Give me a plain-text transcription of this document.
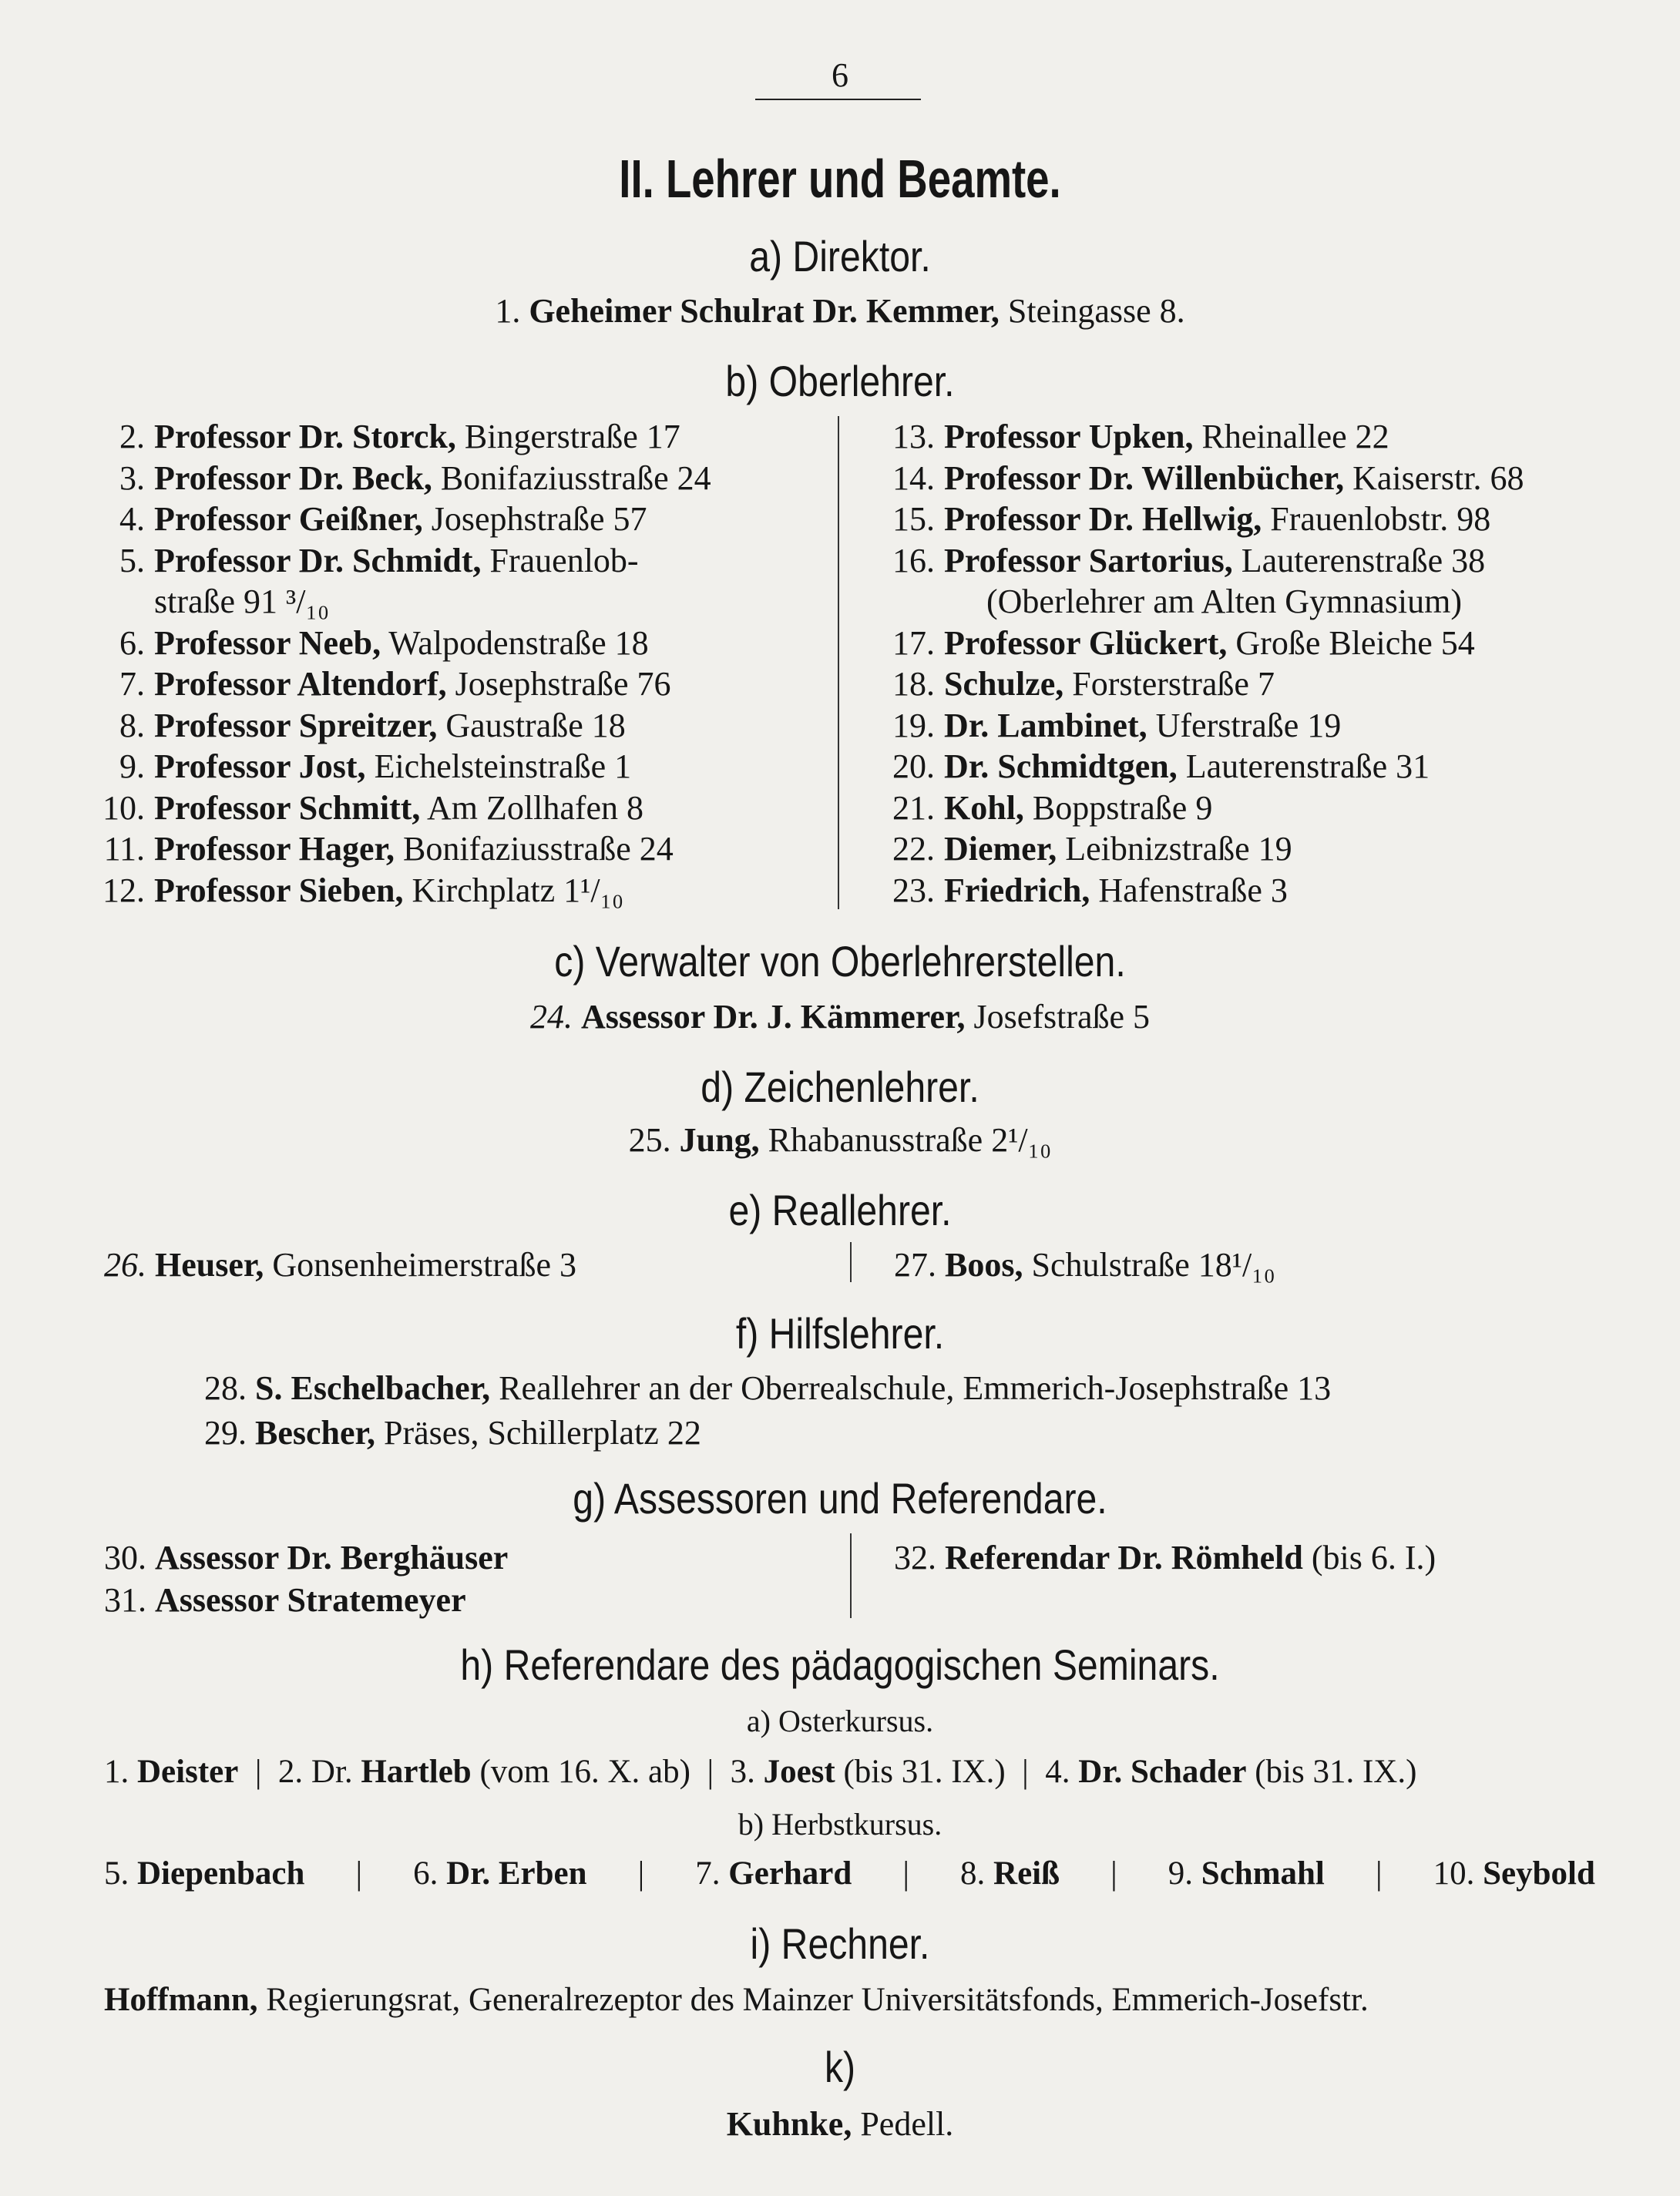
6
II. Lehrer und Beamte.
a) Direktor.
1. Geheimer Schulrat Dr. Kemmer, Steingasse 8.
b) Oberlehrer.
2. Professor Dr. Storck, Bingerstraße 17
3. Professor Dr. Beck, Bonifaziusstraße 24
4. Professor Geißner, Josephstraße 57
5. Professor Dr. Schmidt, Frauenlob-
straße 91 ³/₁₀
6. Professor Neeb, Walpodenstraße 18
7. Professor Altendorf, Josephstraße 76
8. Professor Spreitzer, Gaustraße 18
9. Professor Jost, Eichelsteinstraße 1
10. Professor Schmitt, Am Zollhafen 8
11. Professor Hager, Bonifaziusstraße 24
12. Professor Sieben, Kirchplatz 1¹/₁₀
13. Professor Upken, Rheinallee 22
14. Professor Dr. Willenbücher, Kaiserstr. 68
15. Professor Dr. Hellwig, Frauenlobstr. 98
16. Professor Sartorius, Lauterenstraße 38
(Oberlehrer am Alten Gymnasium)
17. Professor Glückert, Große Bleiche 54
18. Schulze, Forsterstraße 7
19. Dr. Lambinet, Uferstraße 19
20. Dr. Schmidtgen, Lauterenstraße 31
21. Kohl, Boppstraße 9
22. Diemer, Leibnizstraße 19
23. Friedrich, Hafenstraße 3
c) Verwalter von Oberlehrerstellen.
24. Assessor Dr. J. Kämmerer, Josefstraße 5
d) Zeichenlehrer.
25. Jung, Rhabanusstraße 2¹/₁₀
e) Reallehrer.
26. Heuser, Gonsenheimerstraße 3	27. Boos, Schulstraße 18¹/₁₀
f) Hilfslehrer.
28. S. Eschelbacher, Reallehrer an der Oberrealschule, Emmerich-Josephstraße 13
29. Bescher, Präses, Schillerplatz 22
g) Assessoren und Referendare.
30. Assessor Dr. Berghäuser
31. Assessor Stratemeyer
32. Referendar Dr. Römheld (bis 6. I.)
h) Referendare des pädagogischen Seminars.
a) Osterkursus.
1. Deister  |  2. Dr. Hartleb (vom 16. X. ab)  |  3. Joest (bis 31. IX.)  |  4. Dr. Schader (bis 31. IX.)
b) Herbstkursus.
5. Diepenbach | 6. Dr. Erben | 7. Gerhard | 8. Reiß | 9. Schmahl | 10. Seybold
i) Rechner.
Hoffmann, Regierungsrat, Generalrezeptor des Mainzer Universitätsfonds, Emmerich-Josefstr.
k)
Kuhnke, Pedell.
